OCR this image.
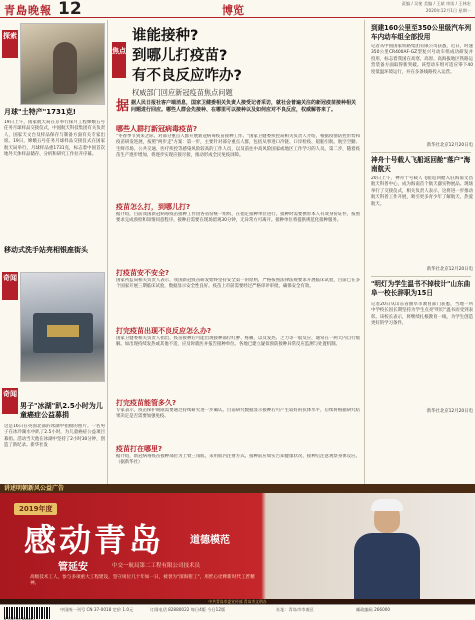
青島晚報 12	博览
责编 / 吴斐 美编 / 王斌 审读 / 王林宏
2020年12月1日 星期一
探索
月球"土特产"1731克!
19日上午，国家航天局在京举行探月工程嫦娥五号任务月球样品交接仪式，中国航天科技集团有关负责人，国家天文台及样品保存与制备方面有关专家出席。19日，嫦娥五号任务月球样品交接仪式在国家航天局举行，月球样品重1731克，标志着中国首次地外天体样品储存、分析和研究工作拉开序幕。
移动式洗手站亮相银座街头
奇闻
奇闻
男子"冰湖"趴2.5小时为儿童癌症公益募捐
这是16日在英国北部的冰湖中拍摄的照片。一名男子在冰冷湖水中趴了2.5小时，为儿童癌症公益项目募捐。活动当天他在冰湖中坚持了2小时30分钟，创造了新纪录。新华社发
焦点
谁能接种?
到哪儿打疫苗?
有不良反应咋办?
权威部门回应新冠疫苗焦点问题
据据人民日报社客户端消息，国家卫健委相关负责人接受记者采访，就社会普遍关注的新冠疫苗接种相关问题进行回应。哪些人群会先接种、在哪里可以接种以及如何应对不良反应，权威解答来了。
哪些人群打新冠病毒疫苗?
"冬春季节到来之际，对部分重点人群开展新冠病毒疫苗接种工作。"国家卫健委疾控局相关负责人介绍，根据疫情防控形势和疫苗研发进展，按照"两步走"方案：第一步，主要针对部分重点人群，包括从事进口冷链、口岸检疫、船舶引航、航空空勤、生鲜市场、公共交通、医疗疾控等感染风险较高的工作人员，以及前往中高风险国家或地区工作学习的人员。第二步，随着疫苗生产逐步增加，将逐步实现应接尽接，推动形成全民免疫屏障。
疫苗怎么打，到哪儿打?
据介绍，目前我国新冠病毒疫苗接种工作由各省份统一组织，在指定接种单位进行。接种时需要携带本人有效身份证件，按照要求完成预检和知情同意程序。接种后需要在现场留观30分钟，无异常方可离开。接种单位将提供规范化接种服务。
打疫苗安不安全?
国家药监局相关负责人表示，我国新冠疫苗研发始终坚持安全第一的原则，严格按照法律法规要求开展临床试验，目前已在多个国家开展三期临床试验，数据显示安全性良好。疫苗上市前需要经过严格审评审批，确保安全有效。
打完疫苗出现不良反应怎么办?
国家卫健委相关负责人指出，疫苗接种后可能出现接种部位红肿、疼痛，以及发热、乏力等一般反应，通常在一两天内自行缓解。如出现持续发热或其他不适，应及时就医并报告接种单位。各地已建立疑似预防接种异常反应监测与处置机制。
打完疫苗能管多久?
专家表示，疫苗保护期限需要通过持续研究进一步确认。目前研究数据显示接种后可产生较好的抗体水平，后续将根据研究结果决定是否需要加强免疫。
疫苗打在哪里?
据介绍，新冠病毒疫苗接种部位为上臂三角肌，采用肌内注射方式。接种前应如实告知健康状况，接种后注意观察身体反应。（据新华社）
到建160公里至350公里级汽车列车内动车组全部投用
记者从中国国家铁路集团有限公司获悉，近日，时速350公里CR400AF-GZ型复兴号动车组成功研发并投用，标志着我国在高寒、高原、高海拔地区铁路运营装备方面取得新突破。该型动车组可适应零下40度低温环境运行，并在多条线路投入运营。
新华社北京12月20日电
神舟十号载人飞船返回舱"落户"海南航天
20日上午，神舟十号载人飞船返回舱入驻海南文昌航天科普中心，成为海南首个航天器实物展品。现场举行了交接仪式，相关负责人表示，这将进一步推动航天科普工作开展，吸引更多青少年了解航天、热爱航天。
新华社北京12月20日电
"明灯为学生温书不掉枝计"山东曲阜一校长辞职为15日
记者20日从山东省曲阜市教育部门获悉，当地一所中学校长因长期坚持为学生点亮"明灯"温书而受到表彰。该校长表示，将继续扎根教育一线，为学生创造更好的学习条件。
新华社北京12月20日电
讲述明朝新风公益广告
2019年度
感动青岛	道德模范
管延安	中交一航局第二工程有限公司技术员
高级技术工人，参与多项重大工程建设，坚守岗位几十年如一日，被誉为"深海钳工"，用匠心诠释新时代工匠精神。
中共青岛市委宣传部 青岛市文明办
6 932709 610027
中国统一刊号 CN 37-0018 定价 1.0元	订阅电话 82880022 每日4版 今日12版	社址：青岛市市南区	邮政编码 266000
